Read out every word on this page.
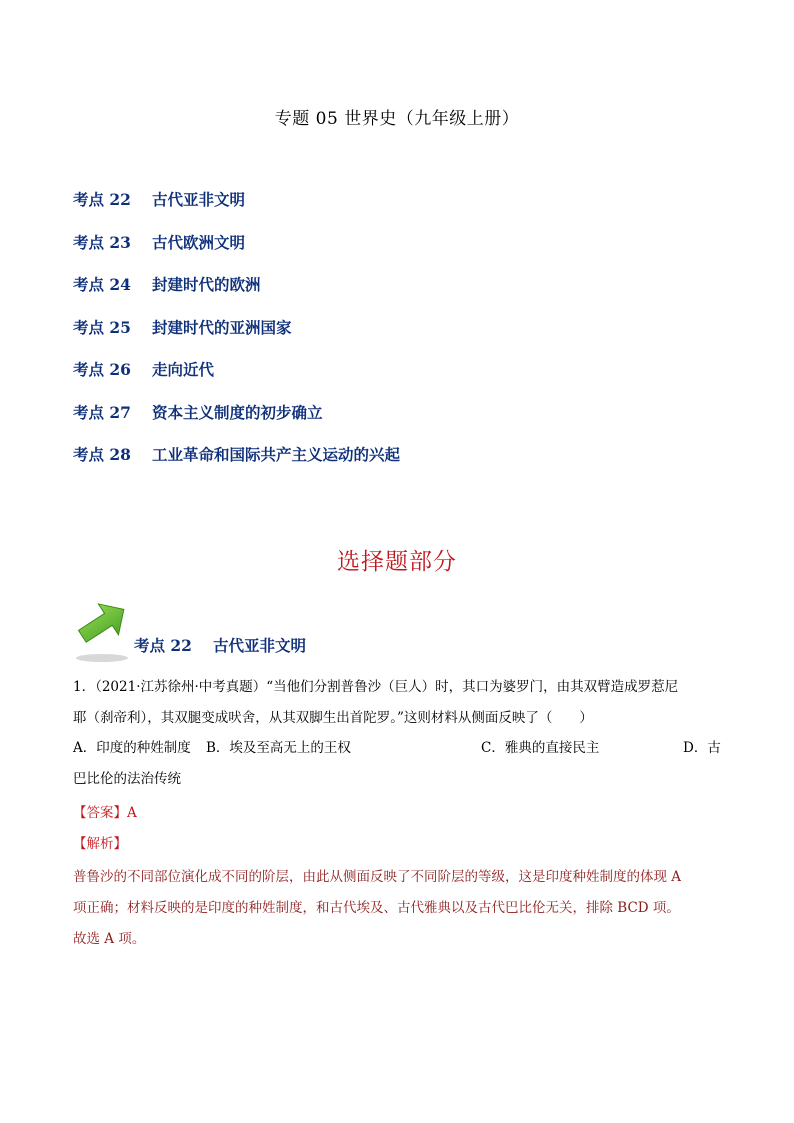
专题 05 世界史（九年级上册）
考点 22 古代亚非文明
考点 23 古代欧洲文明
考点 24 封建时代的欧洲
考点 25 封建时代的亚洲国家
考点 26 走向近代
考点 27 资本主义制度的初步确立
考点 28 工业革命和国际共产主义运动的兴起
选择题部分
考点 22 古代亚非文明
1．（2021·江苏徐州·中考真题）“当他们分割普鲁沙（巨人）时，其口为婆罗门，由其双臂造成罗惹尼
耶（刹帝利），其双腿变成吠舍，从其双脚生出首陀罗。”这则材料从侧面反映了（　　）
A．印度的种姓制度 B．埃及至高无上的王权	C．雅典的直接民主	D．古
巴比伦的法治传统
【答案】A
【解析】
普鲁沙的不同部位演化成不同的阶层，由此从侧面反映了不同阶层的等级，这是印度种姓制度的体现 A
项正确；材料反映的是印度的种姓制度，和古代埃及、古代雅典以及古代巴比伦无关，排除 BCD 项。
故选 A 项。
